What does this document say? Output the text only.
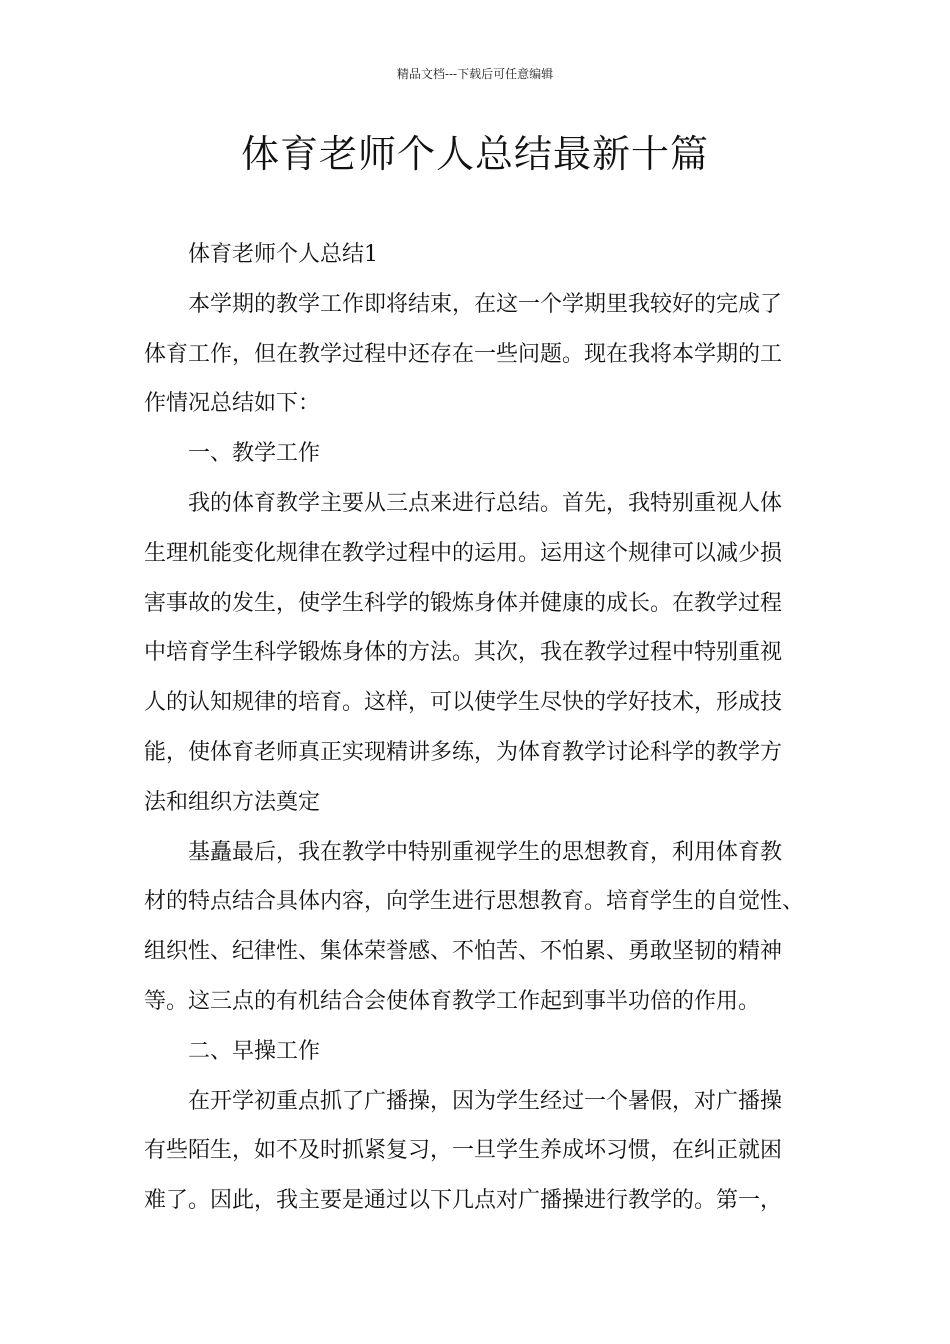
精品文档---下载后可任意编辑
体育老师个人总结最新十篇

体育老师个人总结1

本学期的教学工作即将结束，在这一个学期里我较好的完成了
体育工作，但在教学过程中还存在一些问题。现在我将本学期的工
作情况总结如下：

一、教学工作

我的体育教学主要从三点来进行总结。首先，我特别重视人体
生理机能变化规律在教学过程中的运用。运用这个规律可以减少损
害事故的发生，使学生科学的锻炼身体并健康的成长。在教学过程
中培育学生科学锻炼身体的方法。其次，我在教学过程中特别重视
人的认知规律的培育。这样，可以使学生尽快的学好技术，形成技
能，使体育老师真正实现精讲多练，为体育教学讨论科学的教学方
法和组织方法奠定

基矗最后，我在教学中特别重视学生的思想教育，利用体育教
材的特点结合具体内容，向学生进行思想教育。培育学生的自觉性、
组织性、纪律性、集体荣誉感、不怕苦、不怕累、勇敢坚韧的精神
等。这三点的有机结合会使体育教学工作起到事半功倍的作用。

二、早操工作

在开学初重点抓了广播操，因为学生经过一个暑假，对广播操
有些陌生，如不及时抓紧复习，一旦学生养成坏习惯，在纠正就困
难了。因此，我主要是通过以下几点对广播操进行教学的。第一，
